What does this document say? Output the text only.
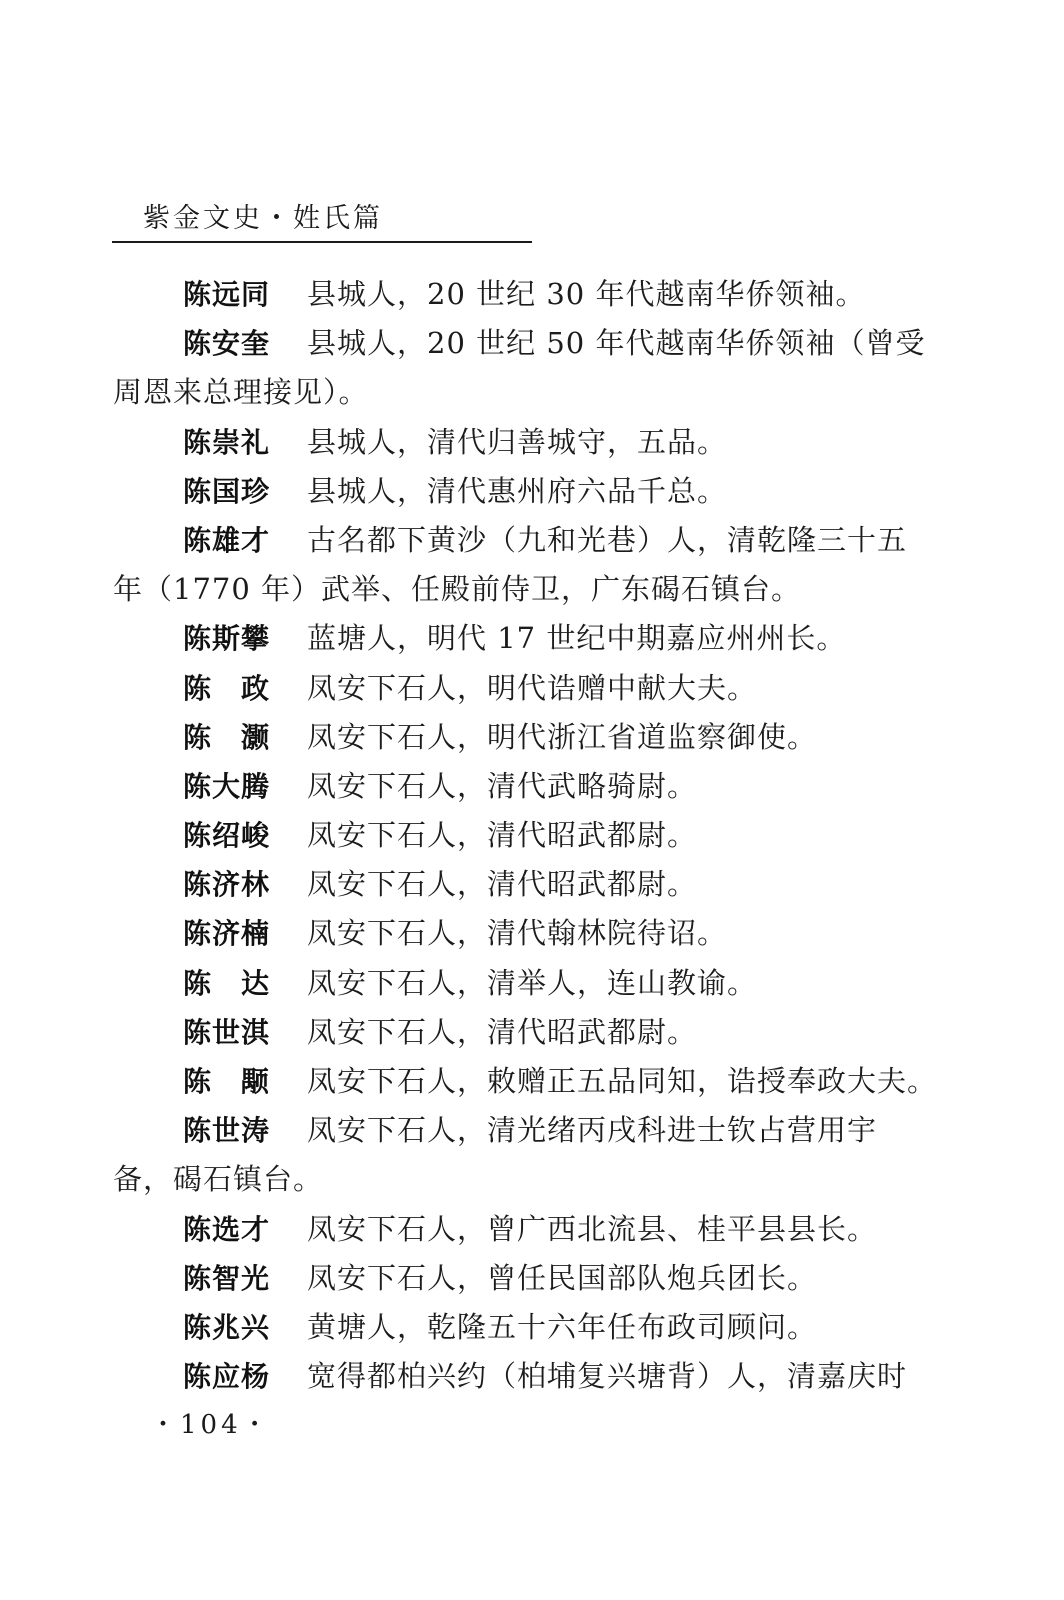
紫金文史・姓氏篇
陈远同 县城人，20 世纪 30 年代越南华侨领袖。
陈安奎 县城人，20 世纪 50 年代越南华侨领袖（曾受
周恩来总理接见）。
陈崇礼 县城人，清代归善城守，五品。
陈国珍 县城人，清代惠州府六品千总。
陈雄才 古名都下黄沙（九和光巷）人，清乾隆三十五
年（1770 年）武举、任殿前侍卫，广东碣石镇台。
陈斯攀 蓝塘人，明代 17 世纪中期嘉应州州长。
陈　政 凤安下石人，明代诰赠中献大夫。
陈　灏 凤安下石人，明代浙江省道监察御使。
陈大腾 凤安下石人，清代武略骑尉。
陈绍峻 凤安下石人，清代昭武都尉。
陈济林 凤安下石人，清代昭武都尉。
陈济楠 凤安下石人，清代翰林院待诏。
陈　达 凤安下石人，清举人，连山教谕。
陈世淇 凤安下石人，清代昭武都尉。
陈　颙 凤安下石人，敕赠正五品同知，诰授奉政大夫。
陈世涛 凤安下石人，清光绪丙戌科进士钦占营用宇
备，碣石镇台。
陈选才 凤安下石人，曾广西北流县、桂平县县长。
陈智光 凤安下石人，曾任民国部队炮兵团长。
陈兆兴 黄塘人，乾隆五十六年任布政司顾问。
陈应杨 宽得都柏兴约（柏埔复兴塘背）人，清嘉庆时
・104・
